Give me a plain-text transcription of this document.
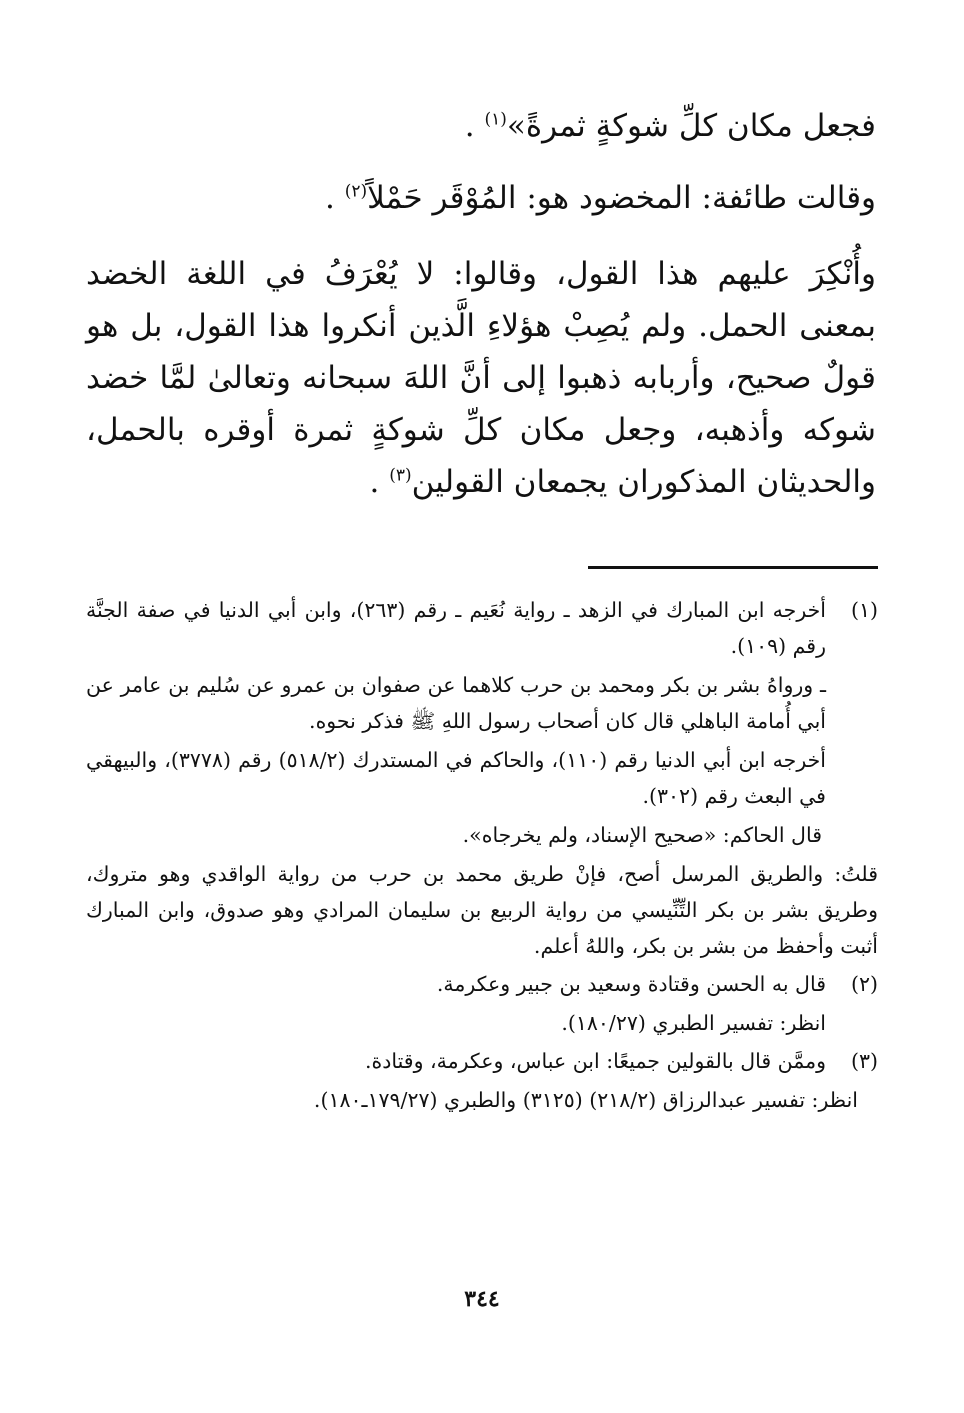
فجعل مكان كلِّ شوكةٍ ثمرةً»$^{(١)}$ .

وقالت طائفة: المخضود هو: المُوْقَر حَمْلاً$^{(٢)}$ .

وأُنْكِرَ عليهم هذا القول، وقالوا: لا يُعْرَفُ في اللغة الخضد بمعنى الحمل. ولم يُصِبْ هؤلاءِ الَّذين أنكروا هذا القول، بل هو قولٌ صحيح، وأربابه ذهبوا إلى أنَّ اللهَ سبحانه وتعالىٰ لمَّا خضد شوكه وأذهبه، وجعل مكان كلِّ شوكةٍ ثمرة أوقره بالحمل، والحديثان المذكوران يجمعان القولين$^{(٣)}$ .

(١)

أخرجه ابن المبارك في الزهد ـ رواية نُعَيم ـ رقم (٢٦٣)، وابن أبي الدنيا في صفة الجنَّة رقم (١٠٩).

ـ ورواهُ بشر بن بكر ومحمد بن حرب كلاهما عن صفوان بن عمرو عن سُليم بن عامر عن أبي أُمامة الباهلي قال كان أصحاب رسول اللهِ ﷺ فذكر نحوه.

أخرجه ابن أبي الدنيا رقم (١١٠)، والحاكم في المستدرك (٥١٨/٢) رقم (٣٧٧٨)، والبيهقي في البعث رقم (٣٠٢).

قال الحاكم: «صحيح الإسناد، ولم يخرجاه».

قلتُ: والطريق المرسل أصح، فإنْ طريق محمد بن حرب من رواية الواقدي وهو متروك، وطريق بشر بن بكر التِّنِّيسي من رواية الربيع بن سليمان المرادي وهو صدوق، وابن المبارك أثبت وأحفظ من بشر بن بكر، واللهُ أعلم.

(٢)

قال به الحسن وقتادة وسعيد بن جبير وعكرمة.

انظر: تفسير الطبري (١٨٠/٢٧).

(٣)

وممَّن قال بالقولين جميعًا: ابن عباس، وعكرمة، وقتادة.

انظر: تفسير عبدالرزاق (٢١٨/٢) (٣١٢٥) والطبري (١٧٩/٢٧ـ١٨٠).

٣٤٤
